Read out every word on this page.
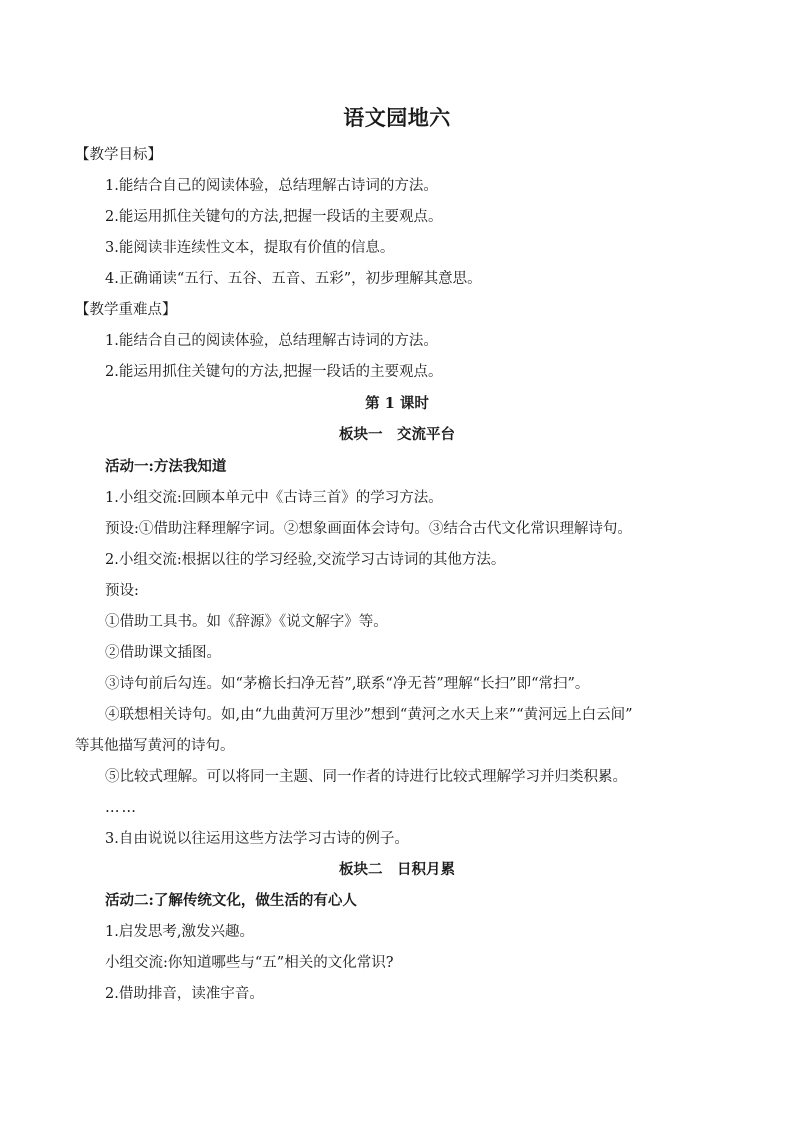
语文园地六
【教学目标】
1.能结合自己的阅读体验，总结理解古诗词的方法。
2.能运用抓住关键句的方法,把握一段话的主要观点。
3.能阅读非连续性文本，提取有价值的信息。
4.正确诵读“五行、五谷、五音、五彩”，初步理解其意思。
【教学重难点】
1.能结合自己的阅读体验，总结理解古诗词的方法。
2.能运用抓住关键句的方法,把握一段话的主要观点。
第 1 课时
板块一　交流平台
活动一:方法我知道
1.小组交流:回顾本单元中《古诗三首》的学习方法。
预设:①借助注释理解字词。②想象画面体会诗句。③结合古代文化常识理解诗句。
2.小组交流:根据以往的学习经验,交流学习古诗词的其他方法。
预设:
①借助工具书。如《辞源》《说文解字》等。
②借助课文插图。
③诗句前后勾连。如“茅檐长扫净无苔”,联系“净无苔”理解“长扫”即“常扫”。
④联想相关诗句。如,由“九曲黄河万里沙”想到“黄河之水天上来”“黄河远上白云间”
等其他描写黄河的诗句。
⑤比较式理解。可以将同一主题、同一作者的诗进行比较式理解学习并归类积累。
……
3.自由说说以往运用这些方法学习古诗的例子。
板块二　日积月累
活动二:了解传统文化，做生活的有心人
1.启发思考,激发兴趣。
小组交流:你知道哪些与“五”相关的文化常识?
2.借助排音，读准宇音。
